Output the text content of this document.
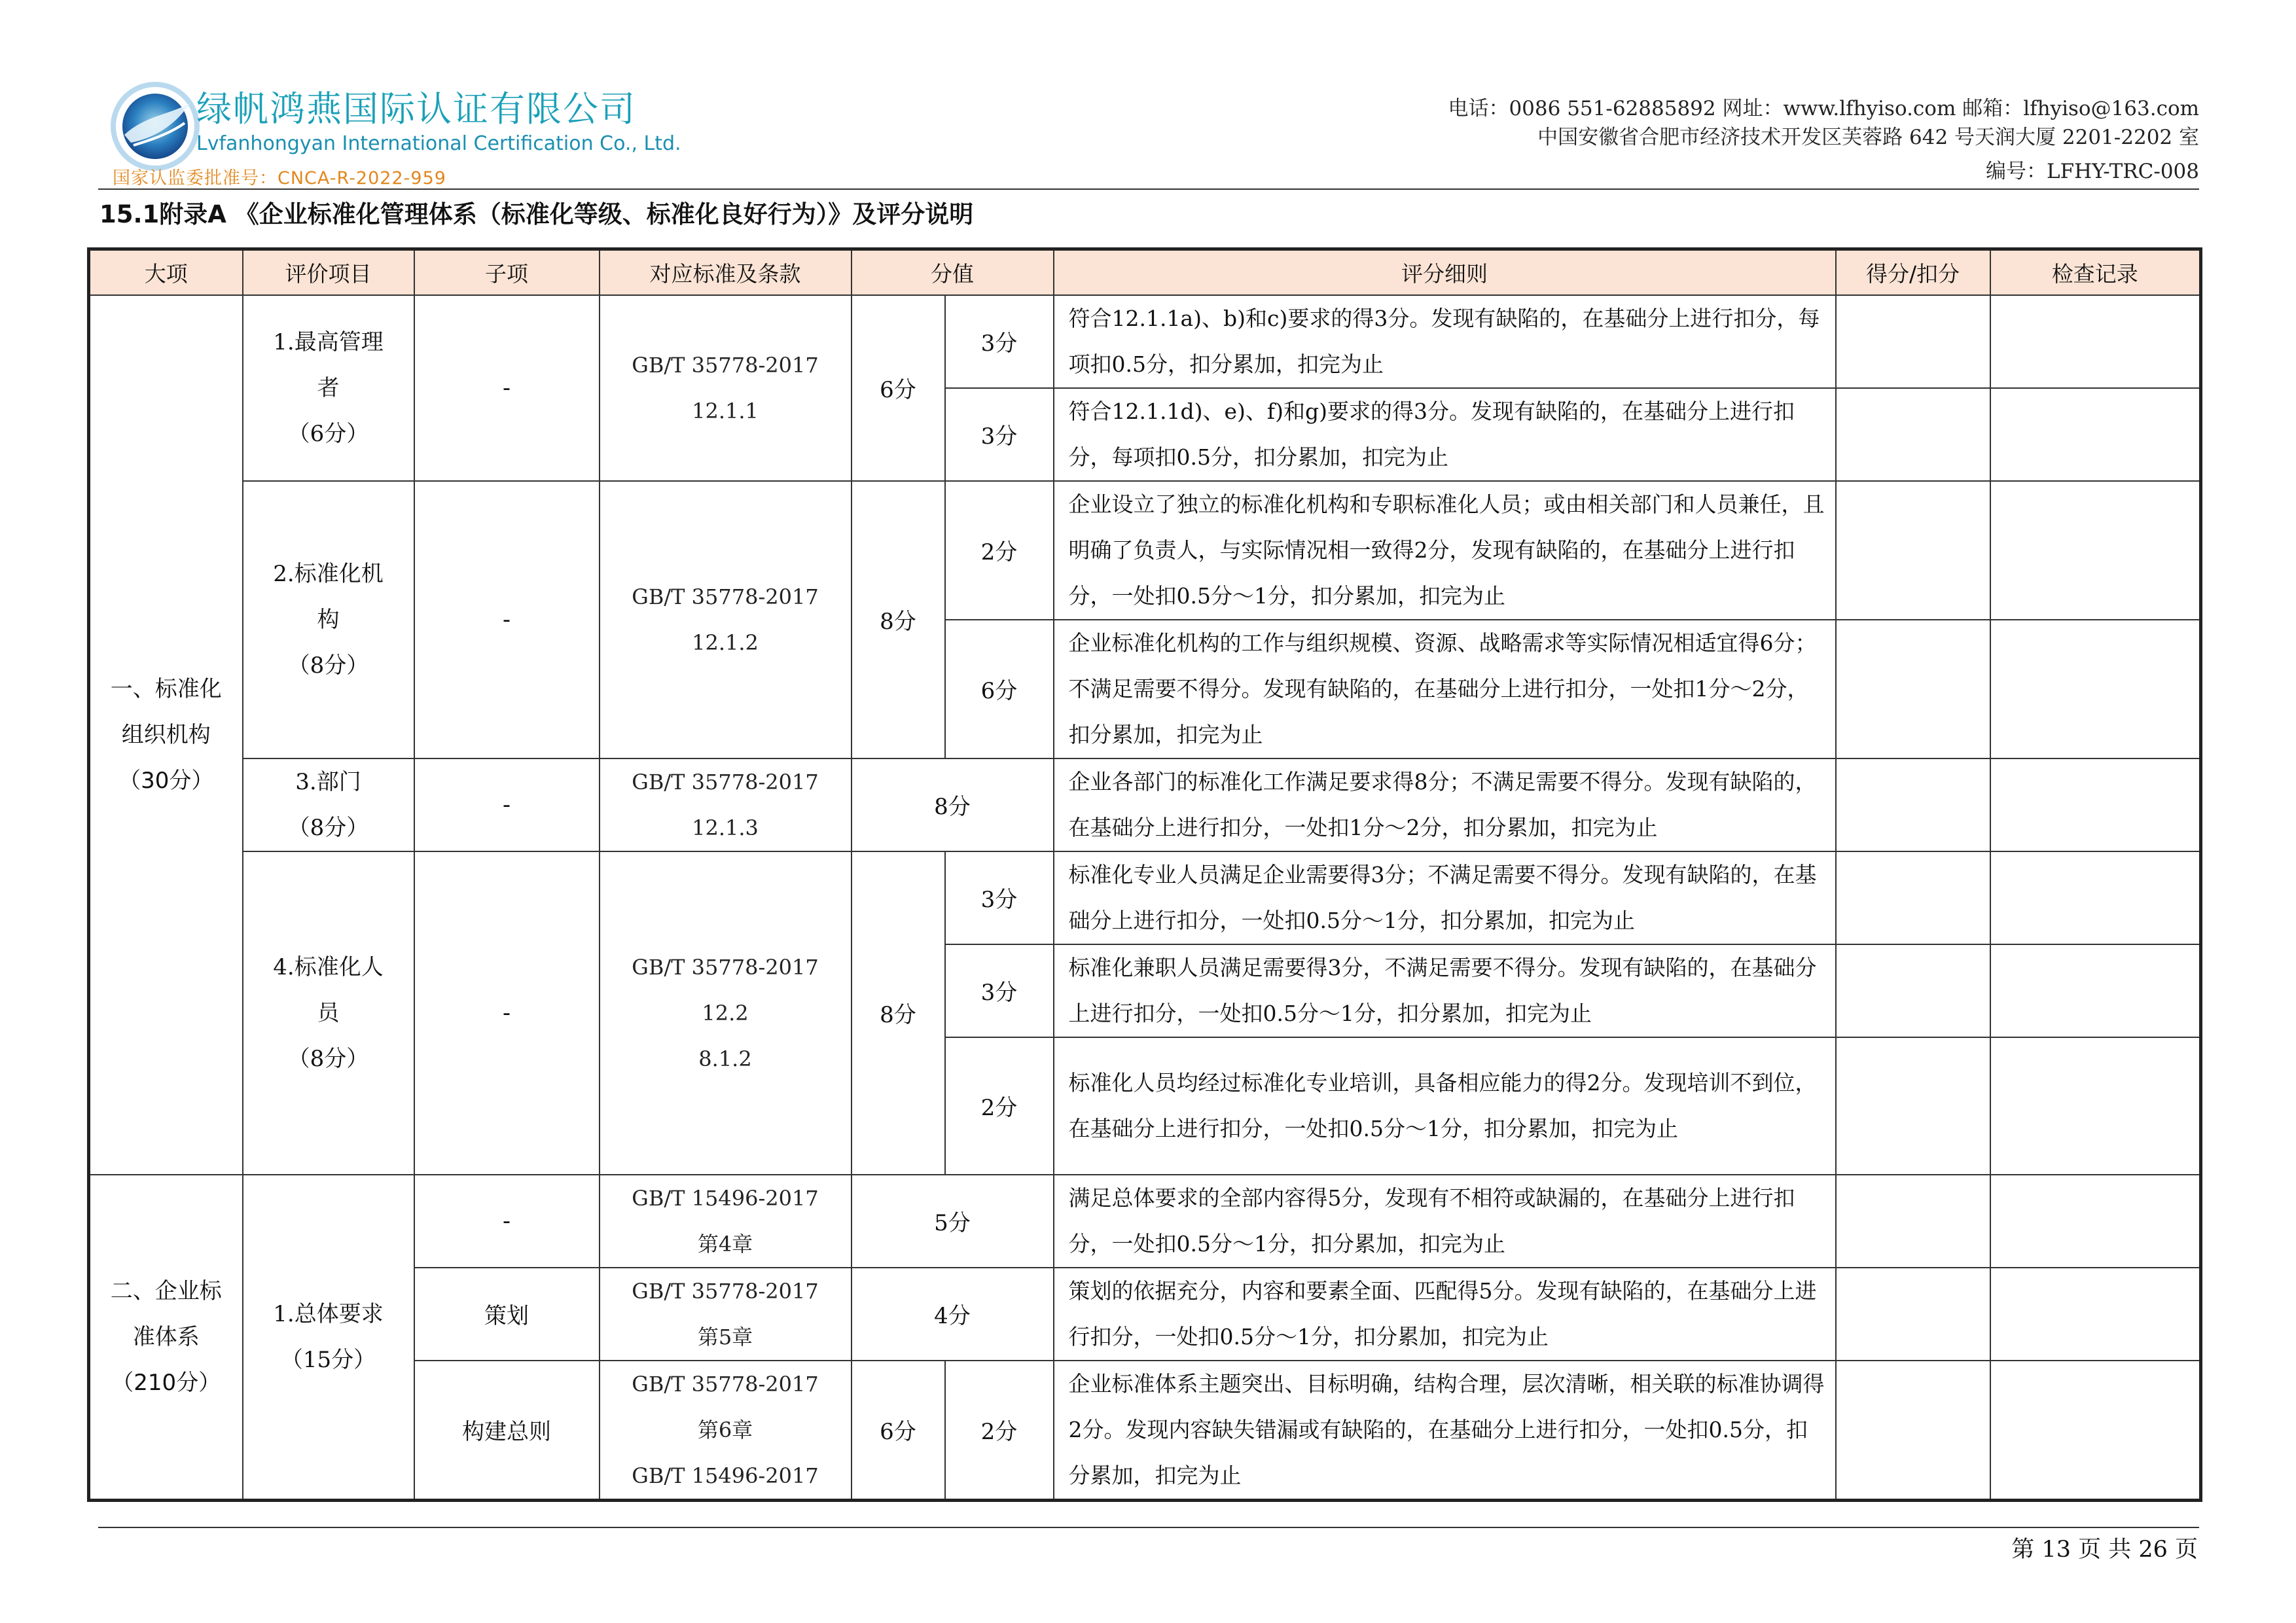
绿帆鸿燕国际认证有限公司
Lvfanhongyan International Certification Co., Ltd.
国家认监委批准号：CNCA-R-2022-959
电话：0086 551-62885892 网址：www.lfhyiso.com 邮箱：lfhyiso@163.com
中国安徽省合肥市经济技术开发区芙蓉路 642 号天润大厦 2201-2202 室
编号：LFHY-TRC-008
15.1附录A 《企业标准化管理体系（标准化等级、标准化良好行为）》及评分说明
大项	评价项目	子项	对应标准及条款	分值		评分细则	得分/扣分	检查记录
一、标准化
组织机构
（30分）	1.最高管理
者
（6分）	-	GB/T 35778-2017
12.1.1	6分	3分	符合12.1.1a)、b)和c)要求的得3分。发现有缺陷的，在基础分上进行扣分，每项扣0.5分，扣分累加，扣完为止		
					3分	符合12.1.1d)、e)、f)和g)要求的得3分。发现有缺陷的，在基础分上进行扣分，每项扣0.5分，扣分累加，扣完为止		
	2.标准化机
构
（8分）	-	GB/T 35778-2017
12.1.2	8分	2分	企业设立了独立的标准化机构和专职标准化人员；或由相关部门和人员兼任，且明确了负责人，与实际情况相一致得2分，发现有缺陷的，在基础分上进行扣分，一处扣0.5分～1分，扣分累加，扣完为止		
					6分	企业标准化机构的工作与组织规模、资源、战略需求等实际情况相适宜得6分；不满足需要不得分。发现有缺陷的，在基础分上进行扣分，一处扣1分～2分，扣分累加，扣完为止		
	3.部门
（8分）	-	GB/T 35778-2017
12.1.3	8分		企业各部门的标准化工作满足要求得8分；不满足需要不得分。发现有缺陷的，在基础分上进行扣分，一处扣1分～2分，扣分累加，扣完为止		
	4.标准化人
员
（8分）	-	GB/T 35778-2017
12.2
8.1.2	8分	3分	标准化专业人员满足企业需要得3分；不满足需要不得分。发现有缺陷的，在基础分上进行扣分，一处扣0.5分～1分，扣分累加，扣完为止		
					3分	标准化兼职人员满足需要得3分，不满足需要不得分。发现有缺陷的，在基础分上进行扣分，一处扣0.5分～1分，扣分累加，扣完为止		
					2分	标准化人员均经过标准化专业培训，具备相应能力的得2分。发现培训不到位，在基础分上进行扣分，一处扣0.5分～1分，扣分累加，扣完为止		

二、企业标
准体系
（210分）	1.总体要求
（15分）	-	GB/T 15496-2017
第4章	5分		满足总体要求的全部内容得5分，发现有不相符或缺漏的，在基础分上进行扣分，一处扣0.5分～1分，扣分累加，扣完为止		
		策划	GB/T 35778-2017
第5章	4分		策划的依据充分，内容和要素全面、匹配得5分。发现有缺陷的，在基础分上进行扣分，一处扣0.5分～1分，扣分累加，扣完为止		
		构建总则	GB/T 35778-2017
第6章
GB/T 15496-2017	6分	2分	企业标准体系主题突出、目标明确，结构合理，层次清晰，相关联的标准协调得2分。发现内容缺失错漏或有缺陷的，在基础分上进行扣分，一处扣0.5分，扣分累加，扣完为止		
第 13 页 共 26 页
